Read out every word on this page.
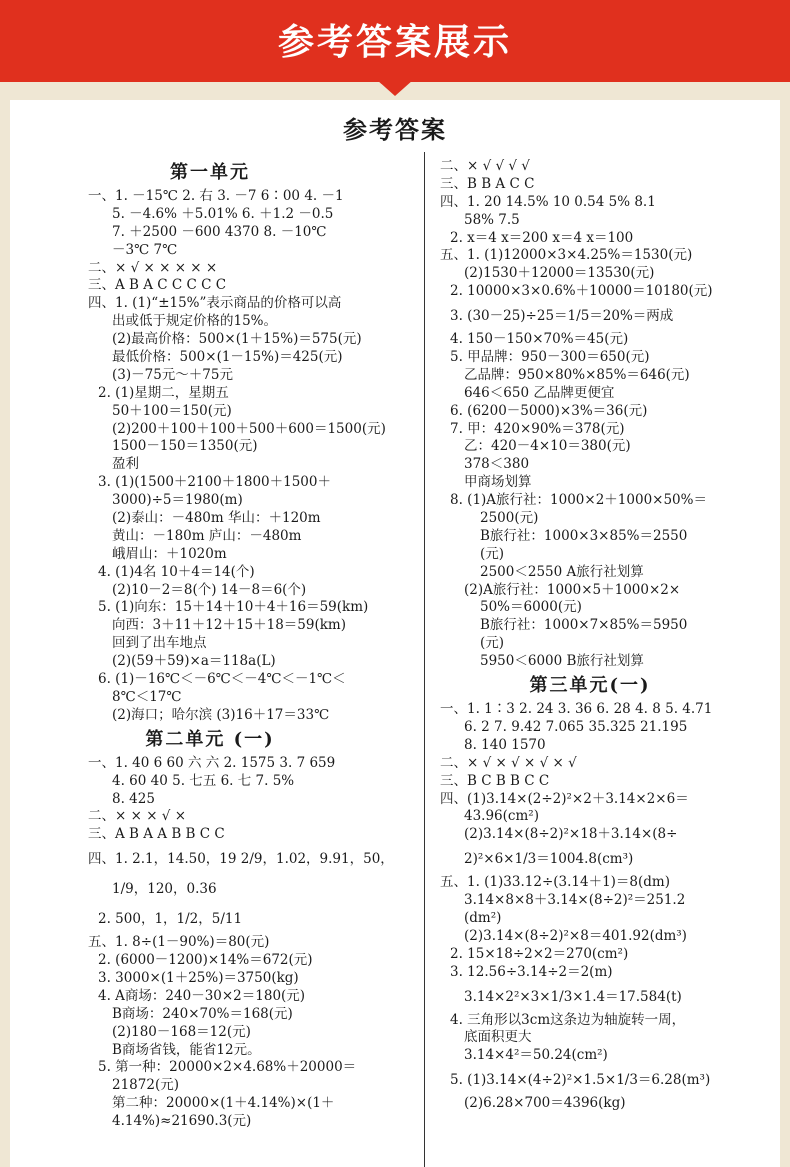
参考答案展示
参考答案
第一单元
一、1. －15℃ 2. 右 3. －7 6∶00 4. －1
5. －4.6% ＋5.01% 6. ＋1.2 －0.5
7. ＋2500 －600 4370 8. －10℃
－3℃ 7℃
二、× √ × × × × ×
三、A B A C C C C C
四、1. (1)“±15%”表示商品的价格可以高
出或低于规定价格的15%。
(2)最高价格：500×(1＋15%)＝575(元)
最低价格：500×(1－15%)＝425(元)
(3)－75元～＋75元
2. (1)星期二，星期五
50＋100＝150(元)
(2)200＋100＋100＋500＋600＝1500(元)
1500－150＝1350(元)
盈利
3. (1)(1500＋2100＋1800＋1500＋
3000)÷5＝1980(m)
(2)泰山：－480m 华山：＋120m
黄山：－180m 庐山：－480m
峨眉山：＋1020m
4. (1)4名 10＋4＝14(个)
(2)10－2＝8(个) 14－8＝6(个)
5. (1)向东：15＋14＋10＋4＋16＝59(km)
向西：3＋11＋12＋15＋18＝59(km)
回到了出车地点
(2)(59＋59)×a＝118a(L)
6. (1)－16℃＜－6℃＜－4℃＜－1℃＜
8℃＜17℃
(2)海口；哈尔滨 (3)16＋17＝33℃
第二单元 (一)
一、1. 40 6 60 六 六 2. 1575 3. 7 659
4. 60 40 5. 七五 6. 七 7. 5%
8. 425
二、× × × √ ×
三、A B A A B B C C
四、1. 2.1，14.50，19 2/9，1.02，9.91，50，
1/9，120，0.36
2. 500，1，1/2，5/11
五、1. 8÷(1－90%)＝80(元)
2. (6000－1200)×14%＝672(元)
3. 3000×(1＋25%)＝3750(kg)
4. A商场：240－30×2＝180(元)
B商场：240×70%＝168(元)
(2)180－168＝12(元)
B商场省钱，能省12元。
5. 第一种：20000×2×4.68%＋20000＝
21872(元)
第二种：20000×(1＋4.14%)×(1＋
4.14%)≈21690.3(元)
二、× √ √ √ √
三、B B A C C
四、1. 20 14.5% 10 0.54 5% 8.1
58% 7.5
2. x＝4 x＝200 x＝4 x＝100
五、1. (1)12000×3×4.25%＝1530(元)
(2)1530＋12000＝13530(元)
2. 10000×3×0.6%＋10000＝10180(元)
3. (30－25)÷25＝1/5＝20%＝两成
4. 150－150×70%＝45(元)
5. 甲品牌：950－300＝650(元)
乙品牌：950×80%×85%＝646(元)
646＜650 乙品牌更便宜
6. (6200－5000)×3%＝36(元)
7. 甲：420×90%＝378(元)
乙：420－4×10＝380(元)
378＜380
甲商场划算
8. (1)A旅行社：1000×2＋1000×50%＝
2500(元)
B旅行社：1000×3×85%＝2550
(元)
2500＜2550 A旅行社划算
(2)A旅行社：1000×5＋1000×2×
50%＝6000(元)
B旅行社：1000×7×85%＝5950
(元)
5950＜6000 B旅行社划算
第三单元(一)
一、1. 1∶3 2. 24 3. 36 6. 28 4. 8 5. 4.71
6. 2 7. 9.42 7.065 35.325 21.195
8. 140 1570
二、× √ × √ × √ × √
三、B C B B C C
四、(1)3.14×(2÷2)²×2＋3.14×2×6＝
43.96(cm²)
(2)3.14×(8÷2)²×18＋3.14×(8÷
2)²×6×1/3＝1004.8(cm³)
五、1. (1)33.12÷(3.14＋1)＝8(dm)
3.14×8×8＋3.14×(8÷2)²＝251.2
(dm²)
(2)3.14×(8÷2)²×8＝401.92(dm³)
2. 15×18÷2×2＝270(cm²)
3. 12.56÷3.14÷2＝2(m)
3.14×2²×3×1/3×1.4＝17.584(t)
4. 三角形以3cm这条边为轴旋转一周，
底面积更大
3.14×4²＝50.24(cm²)
5. (1)3.14×(4÷2)²×1.5×1/3＝6.28(m³)
(2)6.28×700＝4396(kg)
